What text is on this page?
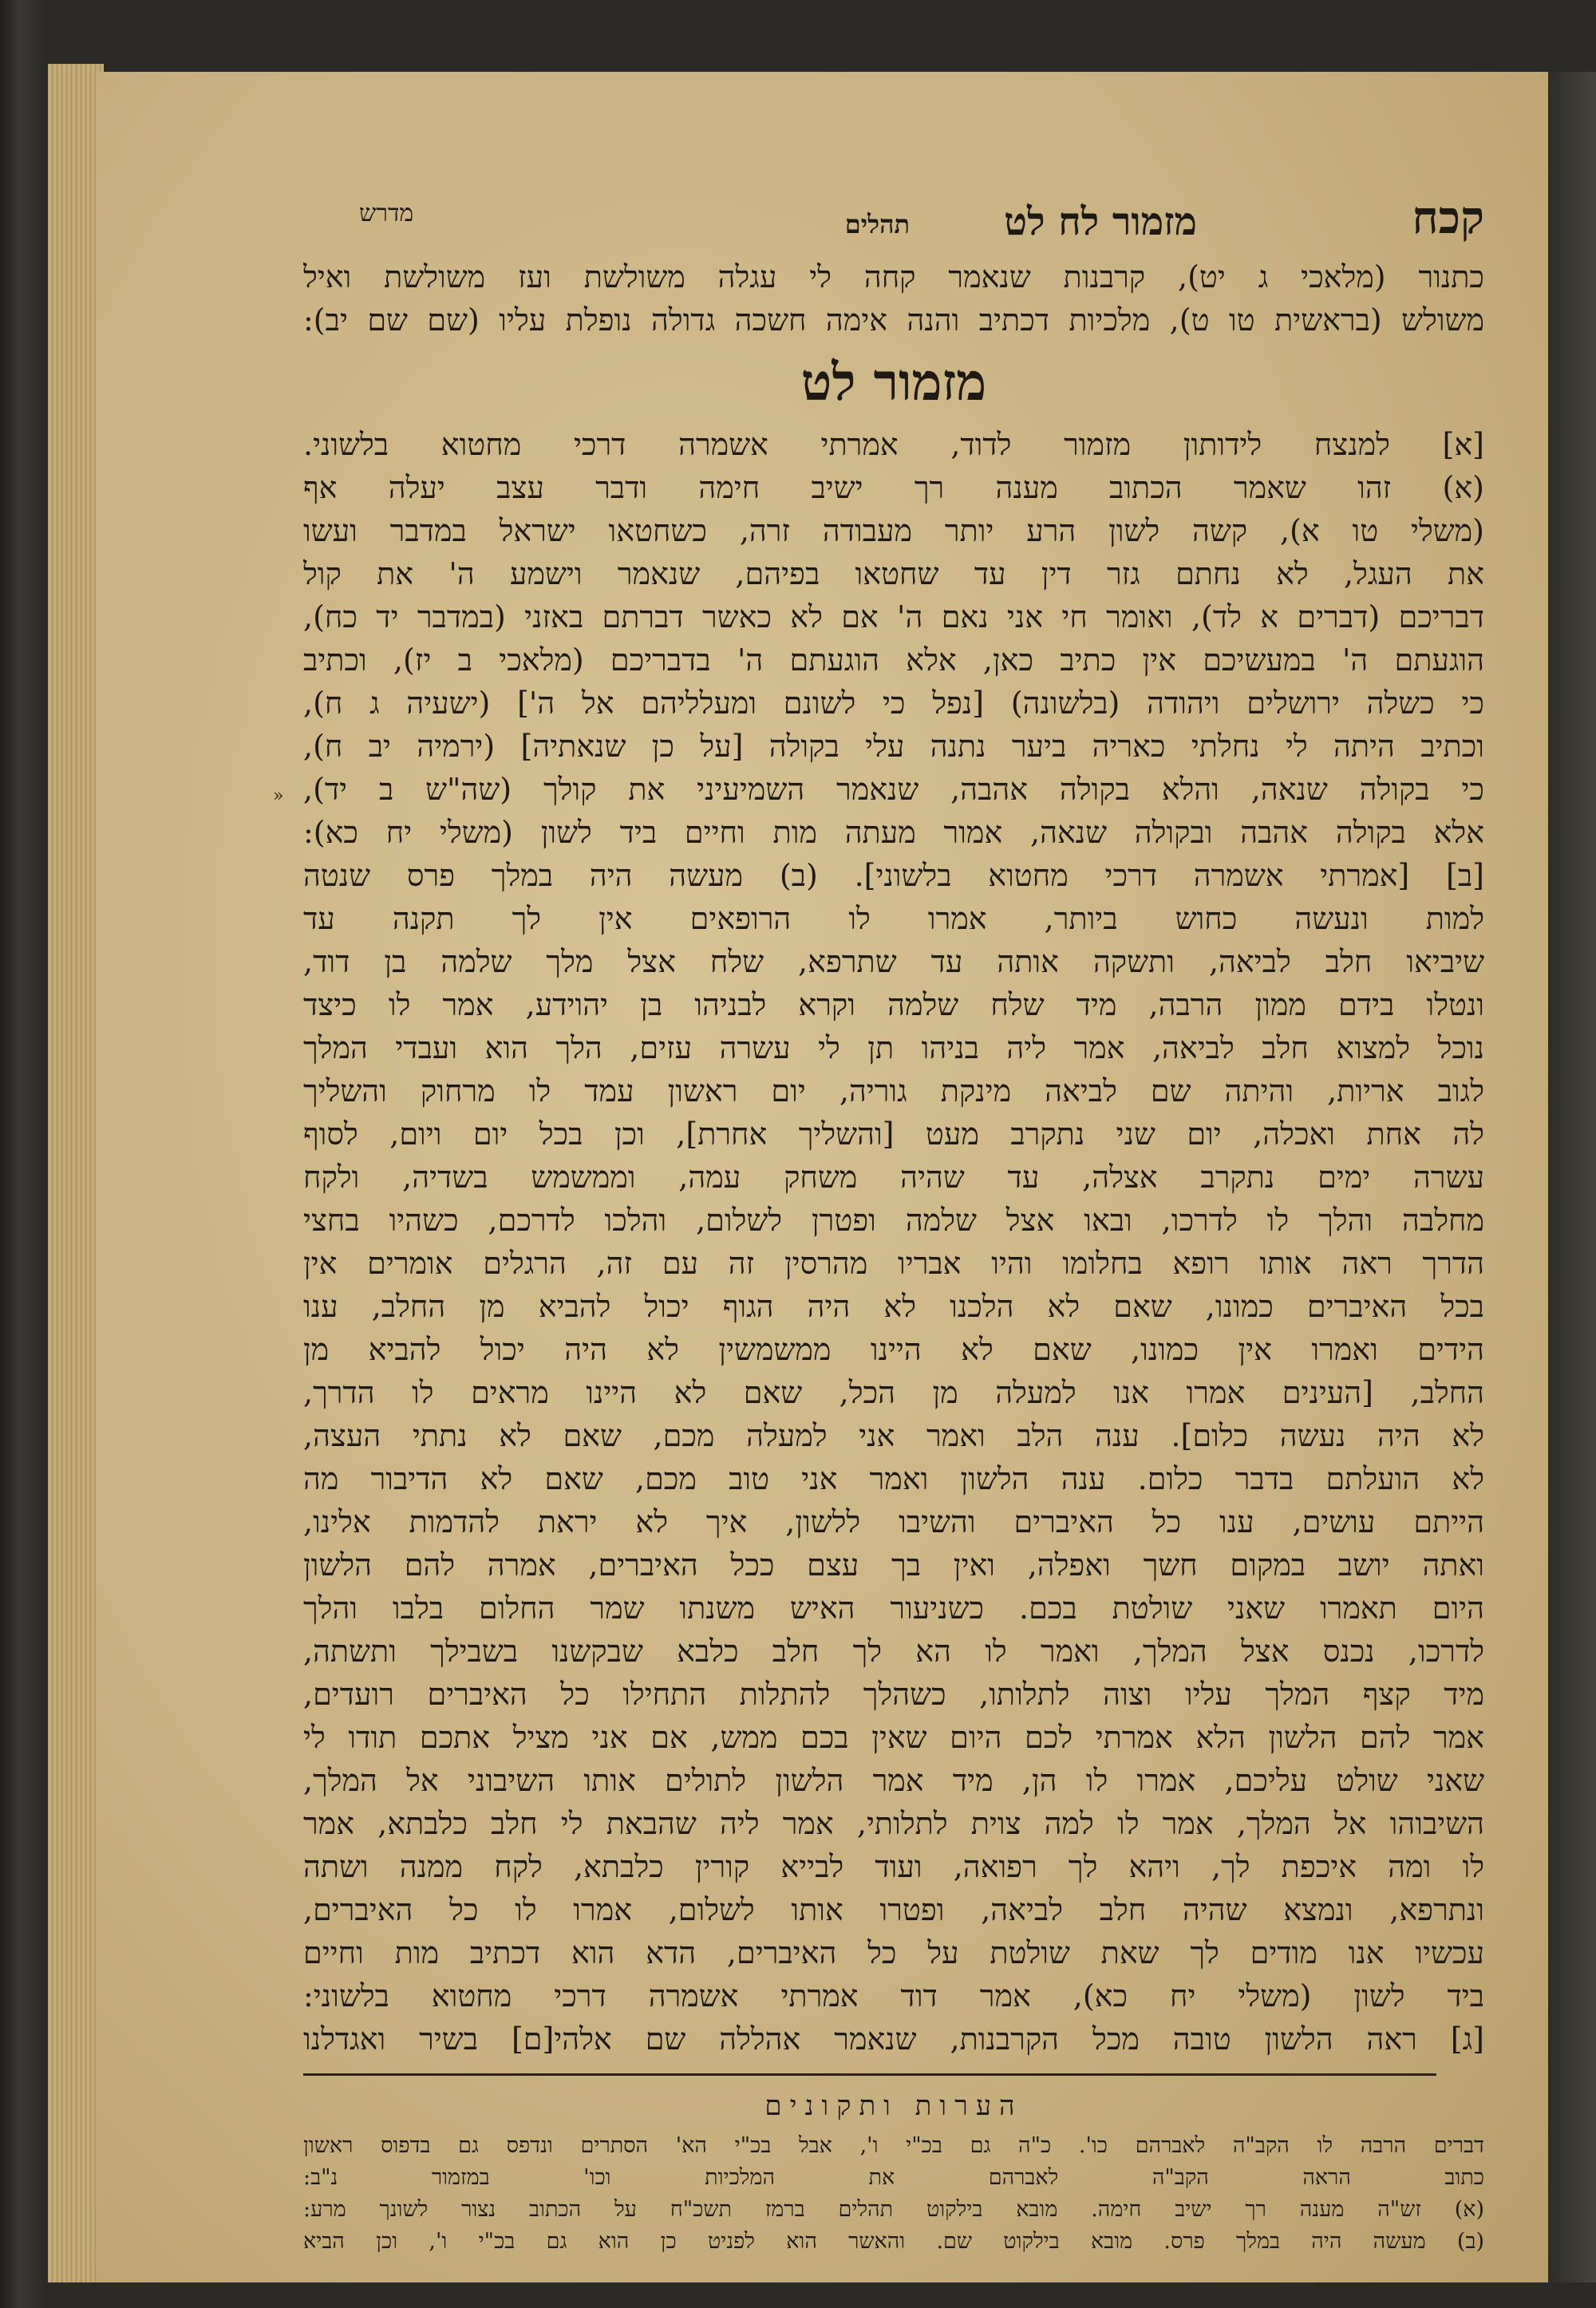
»
קכח
מזמור לח לט
תהלים
מדרש
כתנור (מלאכי ג יט), קרבנות שנאמר קחה לי עגלה משולשת ועז משולשת ואיל
משולש (בראשית טו ט), מלכיות דכתיב והנה אימה חשכה גדולה נופלת עליו (שם שם יב):
מזמור לט
[א] למנצח לידותון מזמור לדוד, אמרתי אשמרה דרכי מחטוא בלשוני.
(א) זהו שאמר הכתוב מענה רך ישיב חימה ודבר עצב יעלה אף
(משלי טו א), קשה לשון הרע יותר מעבודה זרה, כשחטאו ישראל במדבר ועשו
את העגל, לא נחתם גזר דין עד שחטאו בפיהם, שנאמר וישמע ה' את קול
דבריכם (דברים א לד), ואומר חי אני נאם ה' אם לא כאשר דברתם באזני (במדבר יד כח),
הוגעתם ה' במעשיכם אין כתיב כאן, אלא הוגעתם ה' בדבריכם (מלאכי ב יז), וכתיב
כי כשלה ירושלים ויהודה (בלשונה) [נפל כי לשונם ומעלליהם אל ה'] (ישעיה ג ח),
וכתיב היתה לי נחלתי כאריה ביער נתנה עלי בקולה [על כן שנאתיה] (ירמיה יב ח),
כי בקולה שנאה, והלא בקולה אהבה, שנאמר השמיעיני את קולך (שה"ש ב יד),
אלא בקולה אהבה ובקולה שנאה, אמור מעתה מות וחיים ביד לשון (משלי יח כא):
[ב] [אמרתי אשמרה דרכי מחטוא בלשוני]. (ב) מעשה היה במלך פרס שנטה
למות ונעשה כחוש ביותר, אמרו לו הרופאים אין לך תקנה עד
שיביאו חלב לביאה, ותשקה אותה עד שתרפא, שלח אצל מלך שלמה בן דוד,
ונטלו בידם ממון הרבה, מיד שלח שלמה וקרא לבניהו בן יהוידע, אמר לו כיצד
נוכל למצוא חלב לביאה, אמר ליה בניהו תן לי עשרה עזים, הלך הוא ועבדי המלך
לגוב אריות, והיתה שם לביאה מינקת גוריה, יום ראשון עמד לו מרחוק והשליך
לה אחת ואכלה, יום שני נתקרב מעט [והשליך אחרת], וכן בכל יום ויום, לסוף
עשרה ימים נתקרב אצלה, עד שהיה משחק עמה, וממשמש בשדיה, ולקח
מחלבה והלך לו לדרכו, ובאו אצל שלמה ופטרן לשלום, והלכו לדרכם, כשהיו בחצי
הדרך ראה אותו רופא בחלומו והיו אבריו מהרסין זה עם זה, הרגלים אומרים אין
בכל האיברים כמונו, שאם לא הלכנו לא היה הגוף יכול להביא מן החלב, ענו
הידים ואמרו אין כמונו, שאם לא היינו ממשמשין לא היה יכול להביא מן
החלב, [העינים אמרו אנו למעלה מן הכל, שאם לא היינו מראים לו הדרך,
לא היה נעשה כלום]. ענה הלב ואמר אני למעלה מכם, שאם לא נתתי העצה,
לא הועלתם בדבר כלום. ענה הלשון ואמר אני טוב מכם, שאם לא הדיבור מה
הייתם עושים, ענו כל האיברים והשיבו ללשון, איך לא יראת להדמות אלינו,
ואתה יושב במקום חשך ואפלה, ואין בך עצם ככל האיברים, אמרה להם הלשון
היום תאמרו שאני שולטת בכם. כשניעור האיש משנתו שמר החלום בלבו והלך
לדרכו, נכנס אצל המלך, ואמר לו הא לך חלב כלבא שבקשנו בשבילך ותשתה,
מיד קצף המלך עליו וצוה לתלותו, כשהלך להתלות התחילו כל האיברים רועדים,
אמר להם הלשון הלא אמרתי לכם היום שאין בכם ממש, אם אני מציל אתכם תודו לי
שאני שולט עליכם, אמרו לו הן, מיד אמר הלשון לתולים אותו השיבוני אל המלך,
השיבוהו אל המלך, אמר לו למה צוית לתלותי, אמר ליה שהבאת לי חלב כלבתא, אמר
לו ומה איכפת לך, ויהא לך רפואה, ועוד לבייא קורין כלבתא, לקח ממנה ושתה
ונתרפא, ונמצא שהיה חלב לביאה, ופטרו אותו לשלום, אמרו לו כל האיברים,
עכשיו אנו מודים לך שאת שולטת על כל האיברים, הדא הוא דכתיב מות וחיים
ביד לשון (משלי יח כא), אמר דוד אמרתי אשמרה דרכי מחטוא בלשוני:
[ג] ראה הלשון טובה מכל הקרבנות, שנאמר אהללה שם אלהי[ם] בשיר ואגדלנו
הערות ותקונים
דברים הרבה לו הקב"ה לאברהם כו'. כ"ה גם בכ"י ו', אבל בכ"י הא' הסתרים ונדפס גם בדפוס ראשון
כתוב הראה הקב"ה לאברהם את המלכיות וכו' במזמור נ"ב:
(א) זש"ה מענה רך ישיב חימה. מובא בילקוט תהלים ברמז תשכ"ח על הכתוב נצור לשונך מרע:
(ב) מעשה היה במלך פרס. מובא בילקוט שם. והאשר הוא לפניט כן הוא גם בכ"י ו', וכן הביא
